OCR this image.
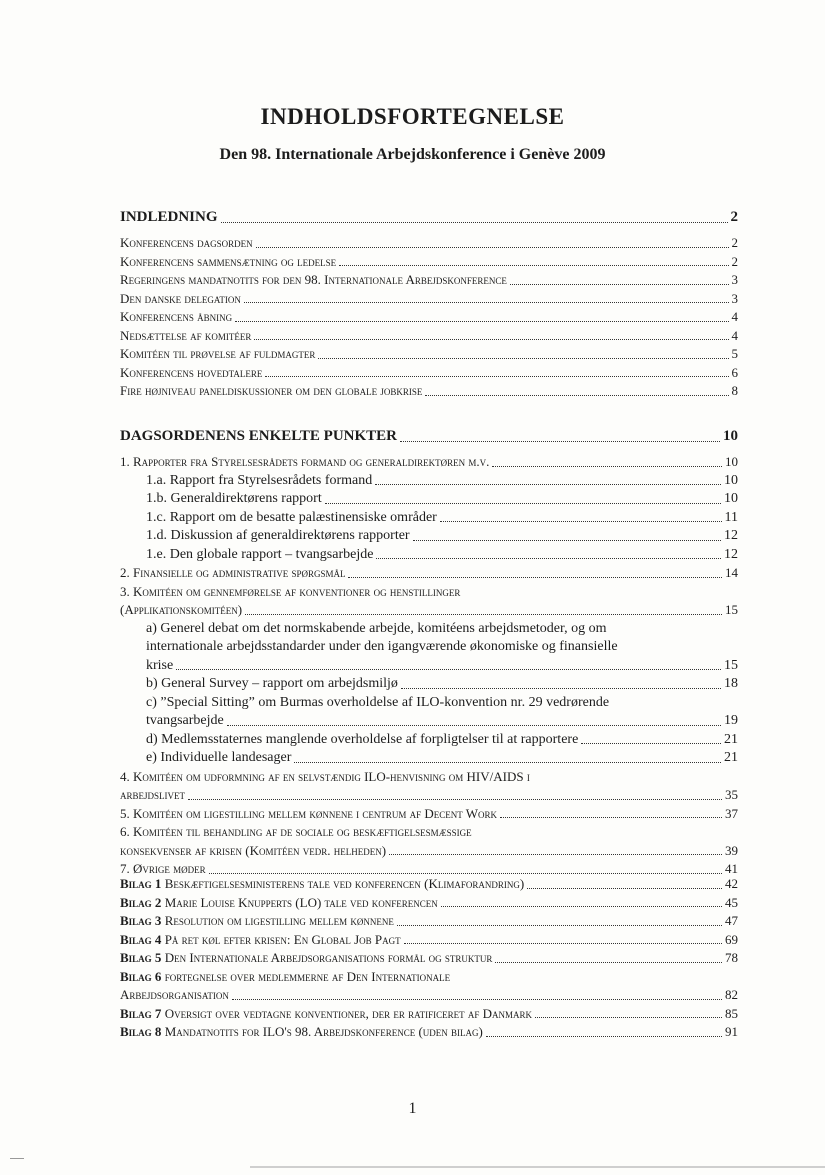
INDHOLDSFORTEGNELSE
Den 98. Internationale Arbejdskonference i Genève 2009
INDLEDNING	2
Konferencens dagsorden	2
Konferencens sammensætning og ledelse	2
Regeringens mandatnotits for den 98. Internationale Arbejdskonference	3
Den danske delegation	3
Konferencens åbning	4
Nedsættelse af komitéer	4
Komitéen til prøvelse af fuldmagter	5
Konferencens hovedtalere	6
Fire højniveau paneldiskussioner om den globale jobkrise	8
DAGSORDENENS ENKELTE PUNKTER	10
1. Rapporter fra Styrelsesrådets formand og generaldirektøren m.v.	10
1.a. Rapport fra Styrelsesrådets formand	10
1.b. Generaldirektørens rapport	10
1.c. Rapport om de besatte palæstinensiske områder	11
1.d. Diskussion af generaldirektørens rapporter	12
1.e. Den globale rapport – tvangsarbejde	12
2. Finansielle og administrative spørgsmål	14
3. Komitéen om gennemførelse af konventioner og henstillinger
(Applikationskomitéen)	15
a) Generel debat om det normskabende arbejde, komitéens arbejdsmetoder, og om
internationale arbejdsstandarder under den igangværende økonomiske og finansielle
krise	15
b) General Survey – rapport om arbejdsmiljø	18
c) ”Special Sitting” om Burmas overholdelse af ILO-konvention nr. 29 vedrørende
tvangsarbejde	19
d) Medlemsstaternes manglende overholdelse af forpligtelser til at rapportere	21
e) Individuelle landesager	21
4. Komitéen om udformning af en selvstændig ILO-henvisning om HIV/AIDS i
arbejdslivet	35
5. Komitéen om ligestilling mellem kønnene i centrum af Decent Work	37
6. Komitéen til behandling af de sociale og beskæftigelsesmæssige
konsekvenser af krisen (Komitéen vedr. helheden)	39
7. Øvrige møder	41
Bilag 1 Beskæftigelsesministerens tale ved konferencen (Klimaforandring)	42
Bilag 2 Marie Louise Knupperts (LO) tale ved konferencen	45
Bilag 3 Resolution om ligestilling mellem kønnene	47
Bilag 4 På ret køl efter krisen: En Global Job Pagt	69
Bilag 5 Den Internationale Arbejdsorganisations formål og struktur	78
Bilag 6 fortegnelse over medlemmerne af Den Internationale
Arbejdsorganisation	82
Bilag 7 Oversigt over vedtagne konventioner, der er ratificeret af Danmark	85
Bilag 8 Mandatnotits for ILO's 98. Arbejdskonference (uden bilag)	91
1
